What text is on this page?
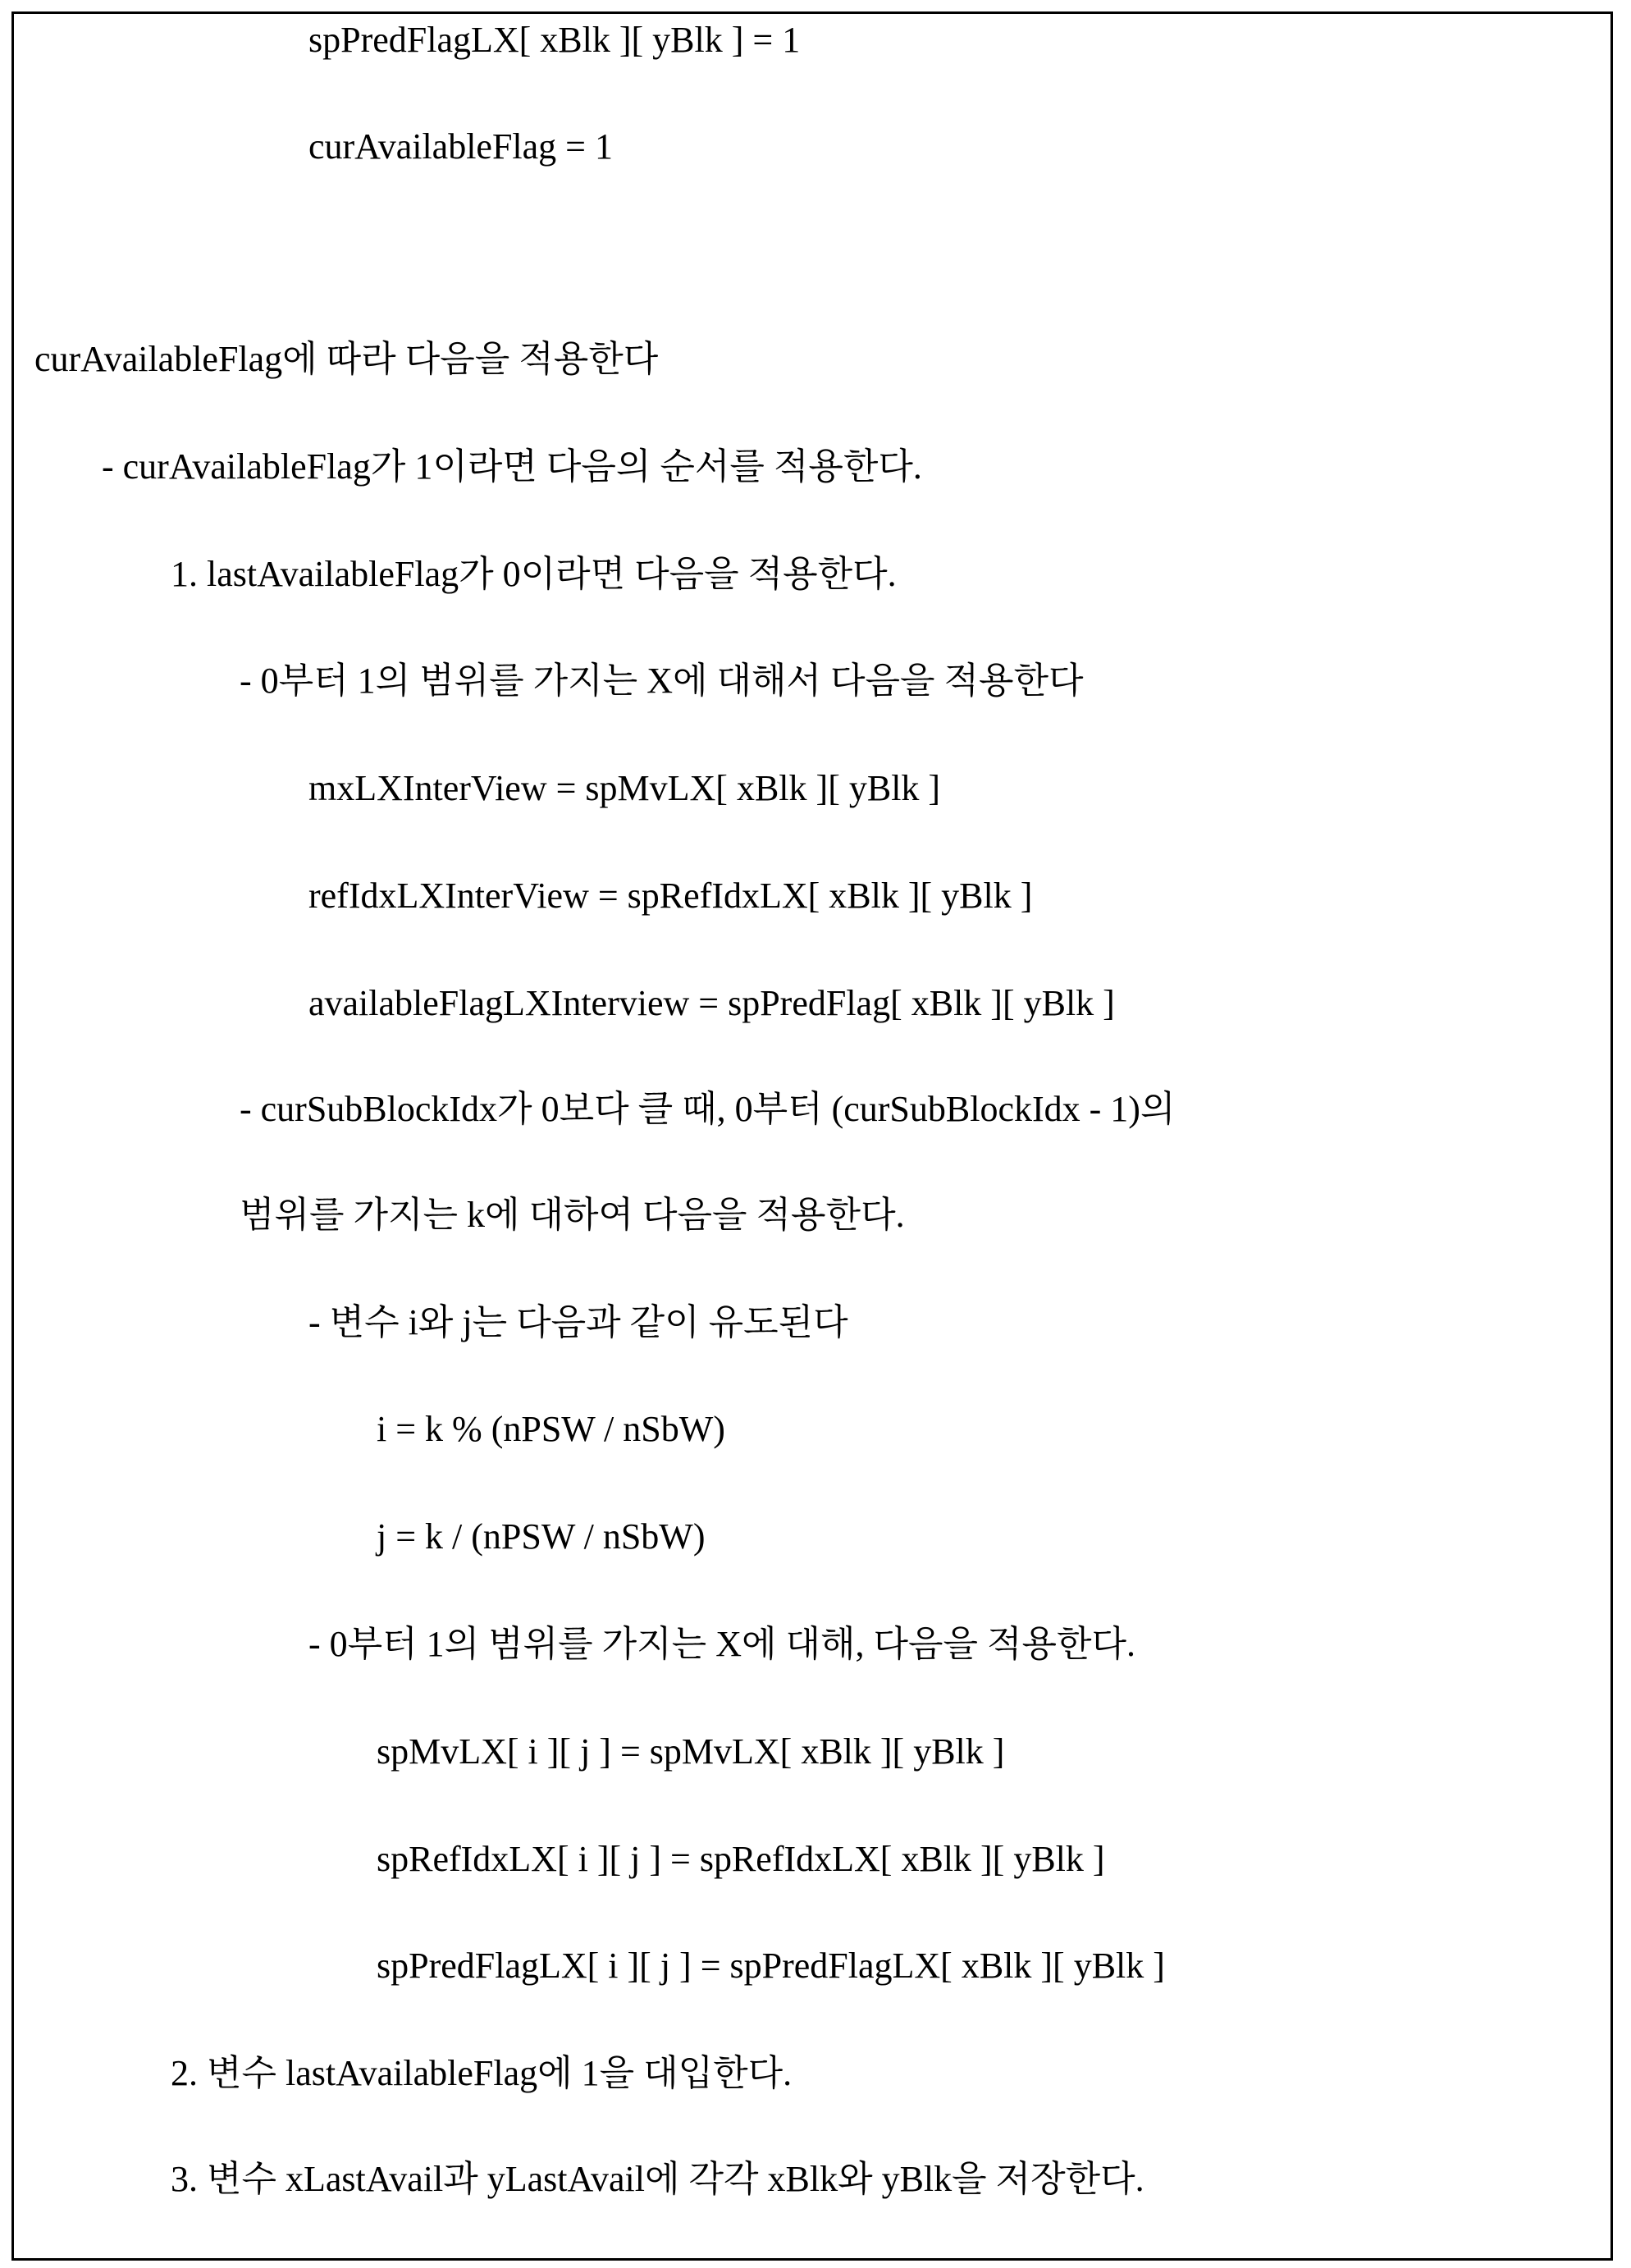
spPredFlagLX[ xBlk ][ yBlk ] = 1
curAvailableFlag = 1
curAvailableFlag에 따라 다음을 적용한다
- curAvailableFlag가 1이라면 다음의 순서를 적용한다.
1. lastAvailableFlag가 0이라면 다음을 적용한다.
- 0부터 1의 범위를 가지는 X에 대해서 다음을 적용한다
mxLXInterView = spMvLX[ xBlk ][ yBlk ]
refIdxLXInterView = spRefIdxLX[ xBlk ][ yBlk ]
availableFlagLXInterview = spPredFlag[ xBlk ][ yBlk ]
- curSubBlockIdx가 0보다 클 때, 0부터 (curSubBlockIdx - 1)의
범위를 가지는 k에 대하여 다음을 적용한다.
- 변수 i와 j는 다음과 같이 유도된다
i = k % (nPSW / nSbW)
j = k / (nPSW / nSbW)
- 0부터 1의 범위를 가지는 X에 대해, 다음을 적용한다.
spMvLX[ i ][ j ] = spMvLX[ xBlk ][ yBlk ]
spRefIdxLX[ i ][ j ] = spRefIdxLX[ xBlk ][ yBlk ]
spPredFlagLX[ i ][ j ] = spPredFlagLX[ xBlk ][ yBlk ]
2. 변수 lastAvailableFlag에 1을 대입한다.
3. 변수 xLastAvail과 yLastAvail에 각각 xBlk와 yBlk을 저장한다.
